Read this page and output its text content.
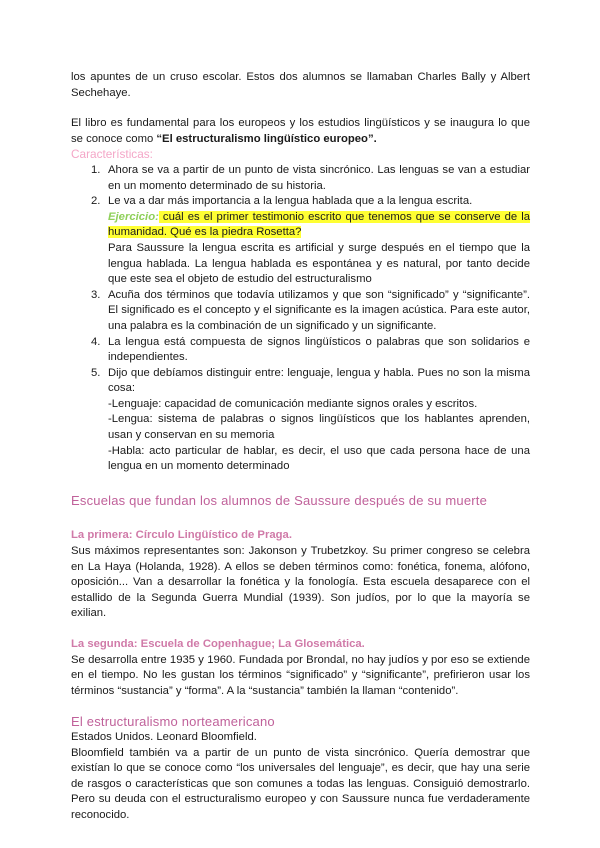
los apuntes de un cruso escolar. Estos dos alumnos se llamaban Charles Bally y Albert Sechehaye.

El libro es fundamental para los europeos y los estudios lingüísticos y se inaugura lo que se conoce como “El estructuralismo lingüístico europeo”.

Características:

1. Ahora se va a partir de un punto de vista sincrónico. Las lenguas se van a estudiar en un momento determinado de su historia.
2. Le va a dar más importancia a la lengua hablada que a la lengua escrita.
Ejercicio: cuál es el primer testimonio escrito que tenemos que se conserve de la humanidad. Qué es la piedra Rosetta?
Para Saussure la lengua escrita es artificial y surge después en el tiempo que la lengua hablada. La lengua hablada es espontánea y es natural, por tanto decide que este sea el objeto de estudio del estructuralismo
3. Acuña dos términos que todavía utilizamos y que son “significado” y “significante”. El significado es el concepto y el significante es la imagen acústica. Para este autor, una palabra es la combinación de un significado y un significante.
4. La lengua está compuesta de signos lingüísticos o palabras que son solidarios e independientes.
5. Dijo que debíamos distinguir entre: lenguaje, lengua y habla. Pues no son la misma cosa:
-Lenguaje: capacidad de comunicación mediante signos orales y escritos.
-Lengua: sistema de palabras o signos lingüísticos que los hablantes aprenden, usan y conservan en su memoria
-Habla: acto particular de hablar, es decir, el uso que cada persona hace de una lengua en un momento determinado

Escuelas que fundan los alumnos de Saussure después de su muerte

La primera: Círculo Lingüístico de Praga.

Sus máximos representantes son: Jakonson y Trubetzkoy. Su primer congreso se celebra en La Haya (Holanda, 1928). A ellos se deben términos como: fonética, fonema, alófono, oposición... Van a desarrollar la fonética y la fonología. Esta escuela desaparece con el estallido de la Segunda Guerra Mundial (1939). Son judíos, por lo que la mayoría se exilian.

La segunda: Escuela de Copenhague; La Glosemática.

Se desarrolla entre 1935 y 1960. Fundada por Brondal, no hay judíos y por eso se extiende en el tiempo. No les gustan los términos “significado” y “significante”, prefirieron usar los términos “sustancia” y “forma”. A la “sustancia” también la llaman “contenido”.

El estructuralismo norteamericano

Estados Unidos. Leonard Bloomfield.

Bloomfield también va a partir de un punto de vista sincrónico. Quería demostrar que existían lo que se conoce como “los universales del lenguaje”, es decir, que hay una serie de rasgos o características que son comunes a todas las lenguas. Consiguió demostrarlo. Pero su deuda con el estructuralismo europeo y con Saussure nunca fue verdaderamente reconocido.
